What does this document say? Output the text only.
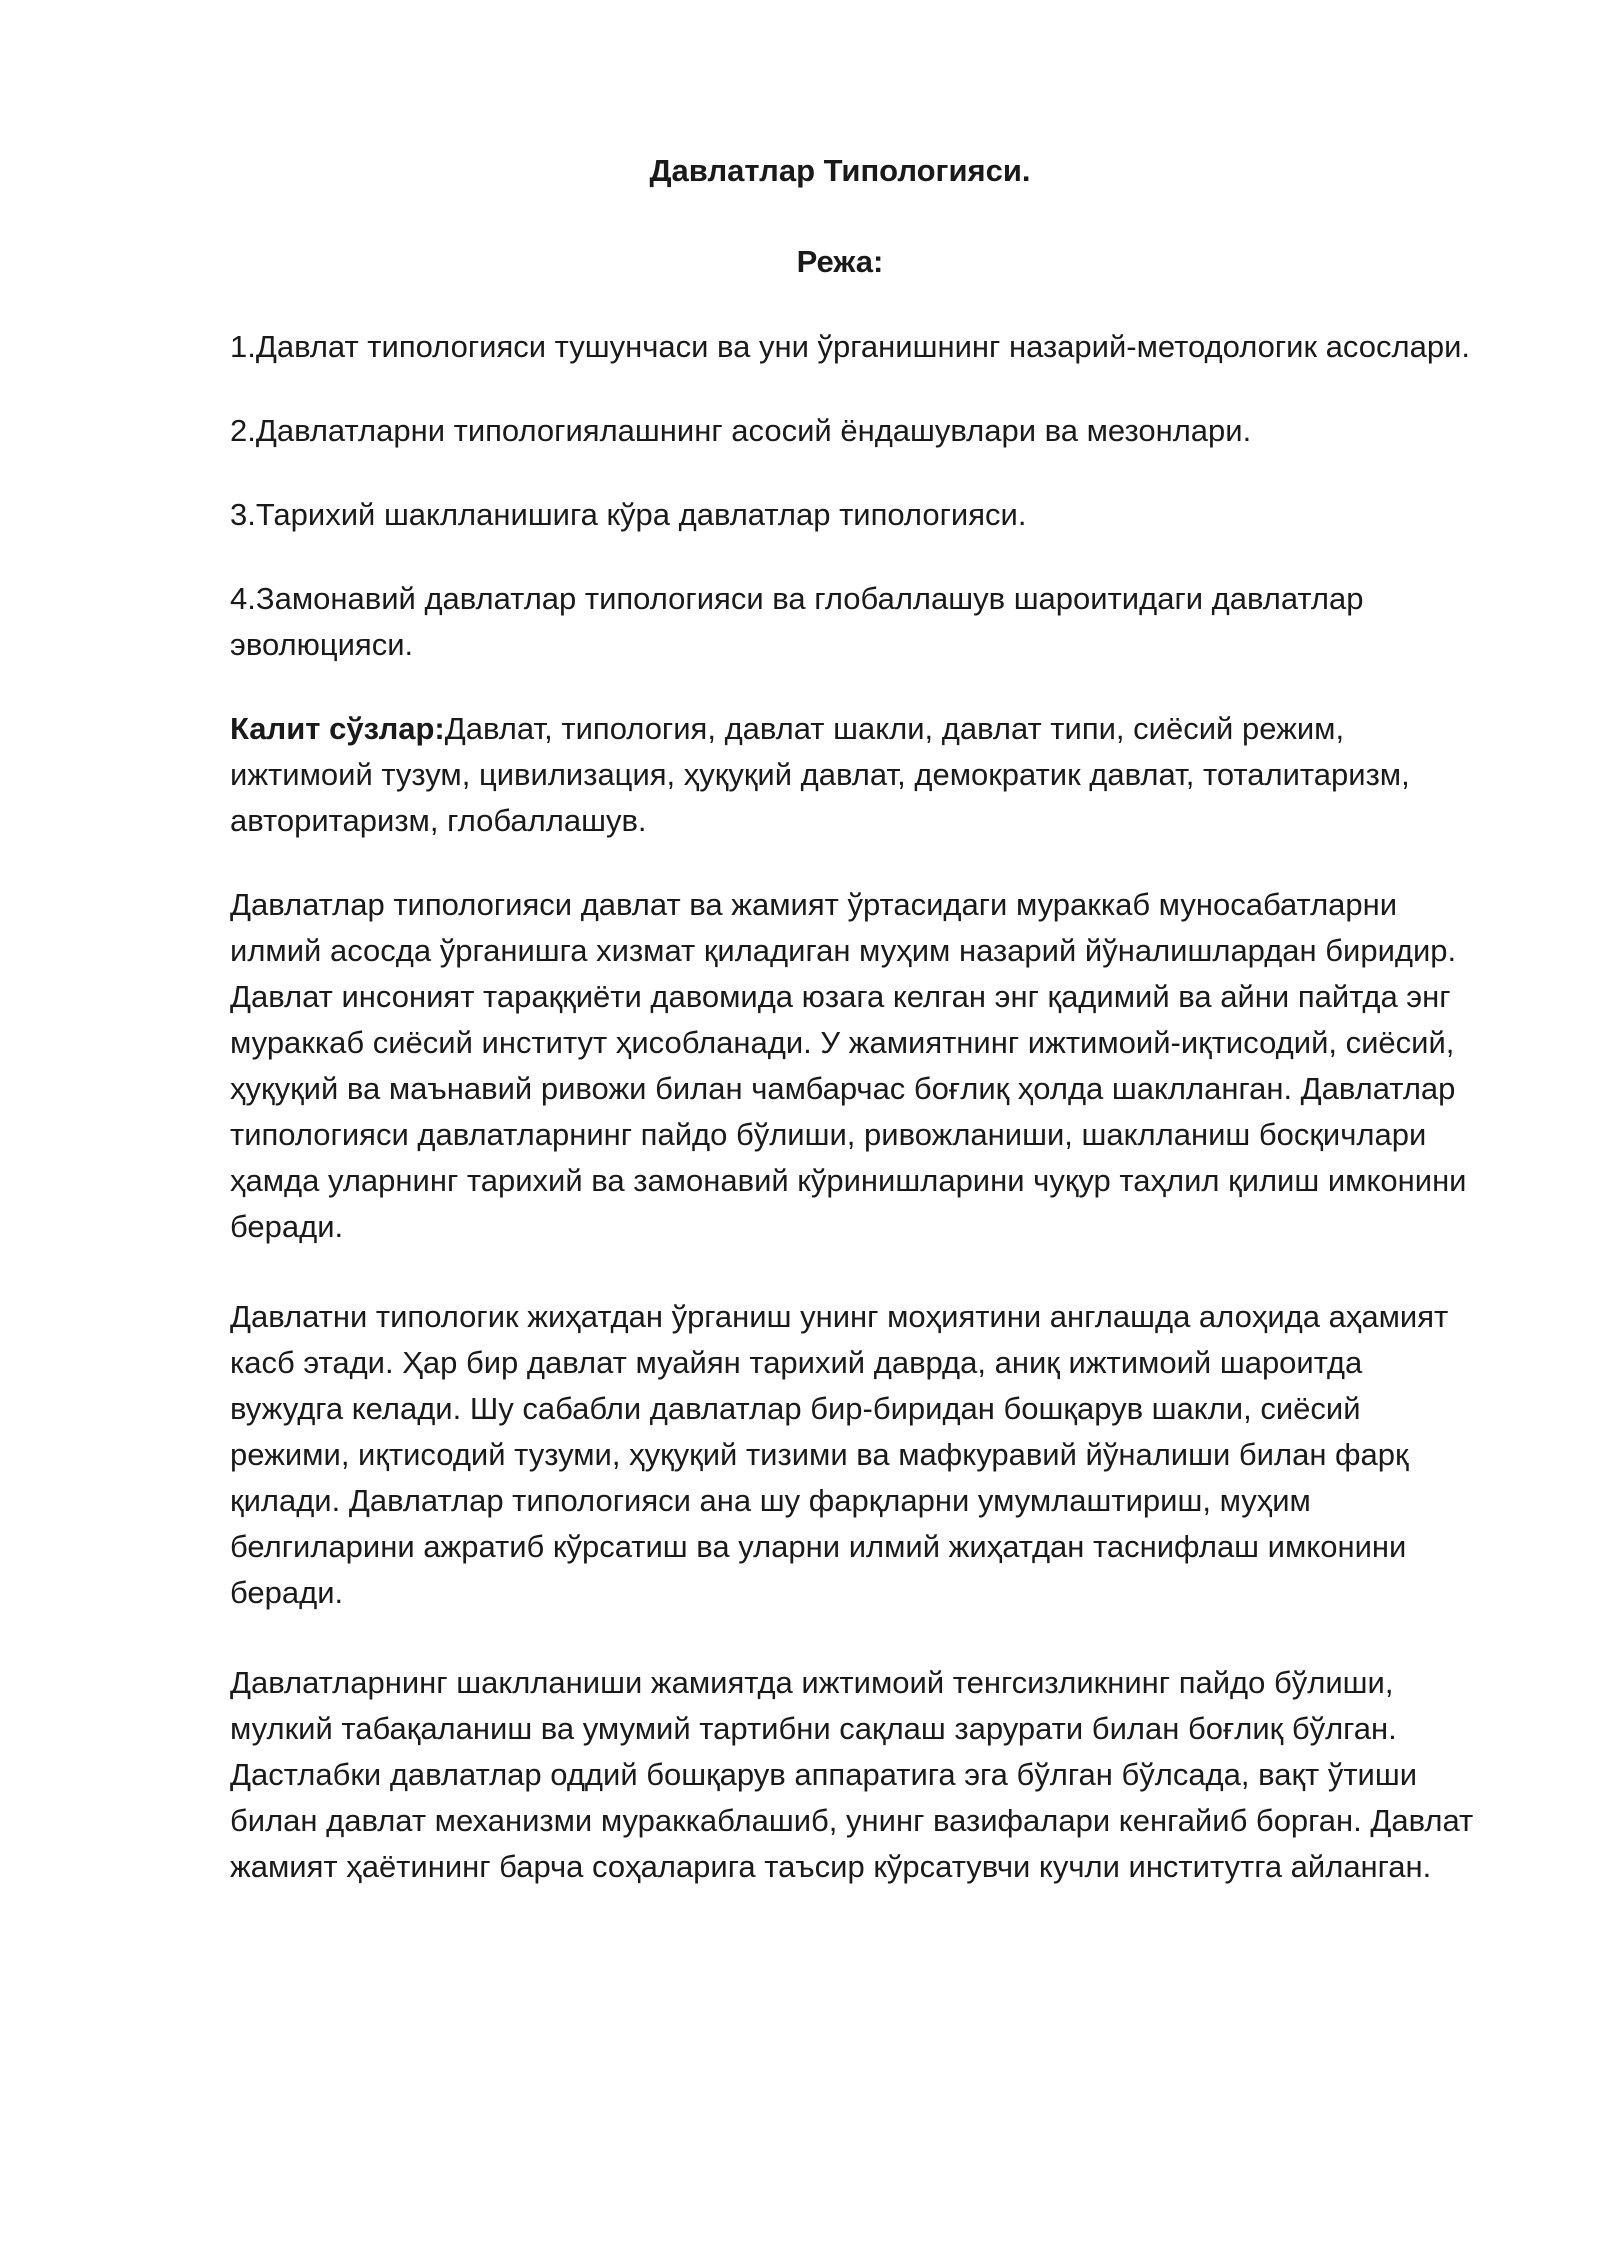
Давлатлар Типологияси.
Режа:

1.Давлат типологияси тушунчаси ва уни ўрганишнинг назарий-методологик асослари.

2.Давлатларни типологиялашнинг асосий ёндашувлари ва мезонлари.

3.Тарихий шаклланишига кўра давлатлар типологияси.

4.Замонавий давлатлар типологияси ва глобаллашув шароитидаги давлатлар эволюцияси.

Калит сўзлар:Давлат, типология, давлат шакли, давлат типи, сиёсий режим, ижтимоий тузум, цивилизация, ҳуқуқий давлат, демократик давлат, тоталитаризм, авторитаризм, глобаллашув.

Давлатлар типологияси давлат ва жамият ўртасидаги мураккаб муносабатларни илмий асосда ўрганишга хизмат қиладиган муҳим назарий йўналишлардан биридир. Давлат инсоният тараққиёти давомида юзага келган энг қадимий ва айни пайтда энг мураккаб сиёсий институт ҳисобланади. У жамиятнинг ижтимоий-иқтисодий, сиёсий, ҳуқуқий ва маънавий ривожи билан чамбарчас боғлиқ ҳолда шаклланган. Давлатлар типологияси давлатларнинг пайдо бўлиши, ривожланиши, шаклланиш босқичлари ҳамда уларнинг тарихий ва замонавий кўринишларини чуқур таҳлил қилиш имконини беради.

Давлатни типологик жиҳатдан ўрганиш унинг моҳиятини англашда алоҳида аҳамият касб этади. Ҳар бир давлат муайян тарихий даврда, аниқ ижтимоий шароитда вужудга келади. Шу сабабли давлатлар бир-биридан бошқарув шакли, сиёсий режими, иқтисодий тузуми, ҳуқуқий тизими ва мафкуравий йўналиши билан фарқ қилади. Давлатлар типологияси ана шу фарқларни умумлаштириш, муҳим белгиларини ажратиб кўрсатиш ва уларни илмий жиҳатдан таснифлаш имконини беради.

Давлатларнинг шаклланиши жамиятда ижтимоий тенгсизликнинг пайдо бўлиши, мулкий табақаланиш ва умумий тартибни сақлаш зарурати билан боғлиқ бўлган. Дастлабки давлатлар оддий бошқарув аппаратига эга бўлган бўлсада, вақт ўтиши билан давлат механизми мураккаблашиб, унинг вазифалари кенгайиб борган. Давлат жамият ҳаётининг барча соҳаларига таъсир кўрсатувчи кучли институтга айланган.
